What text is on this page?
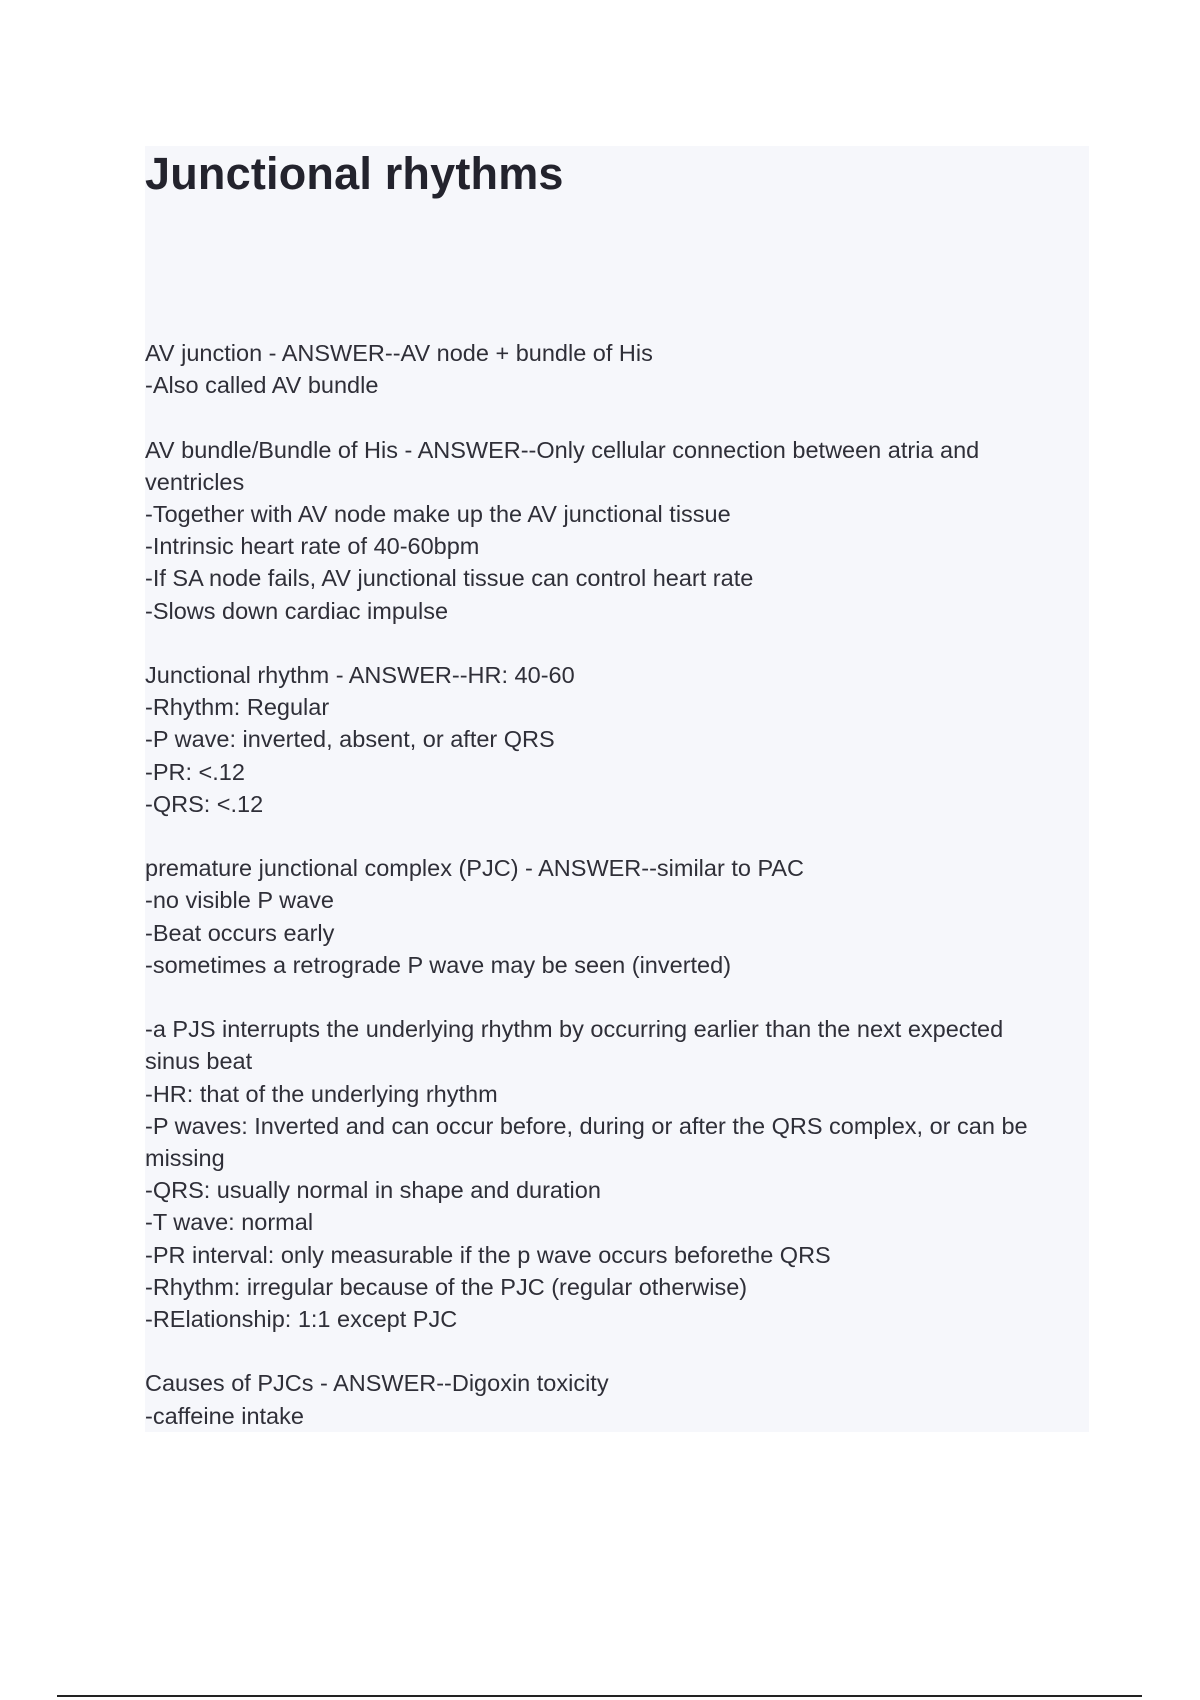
Junctional rhythms
AV junction - ANSWER--AV node + bundle of His
-Also called AV bundle
AV bundle/Bundle of His - ANSWER--Only cellular connection between atria and
ventricles
-Together with AV node make up the AV junctional tissue
-Intrinsic heart rate of 40-60bpm
-If SA node fails, AV junctional tissue can control heart rate
-Slows down cardiac impulse
Junctional rhythm - ANSWER--HR: 40-60
-Rhythm: Regular
-P wave: inverted, absent, or after QRS
-PR: <.12
-QRS: <.12
premature junctional complex (PJC) - ANSWER--similar to PAC
-no visible P wave
-Beat occurs early
-sometimes a retrograde P wave may be seen (inverted)
-a PJS interrupts the underlying rhythm by occurring earlier than the next expected
sinus beat
-HR: that of the underlying rhythm
-P waves: Inverted and can occur before, during or after the QRS complex, or can be
missing
-QRS: usually normal in shape and duration
-T wave: normal
-PR interval: only measurable if the p wave occurs beforethe QRS
-Rhythm: irregular because of the PJC (regular otherwise)
-RElationship: 1:1 except PJC
Causes of PJCs - ANSWER--Digoxin toxicity
-caffeine intake
